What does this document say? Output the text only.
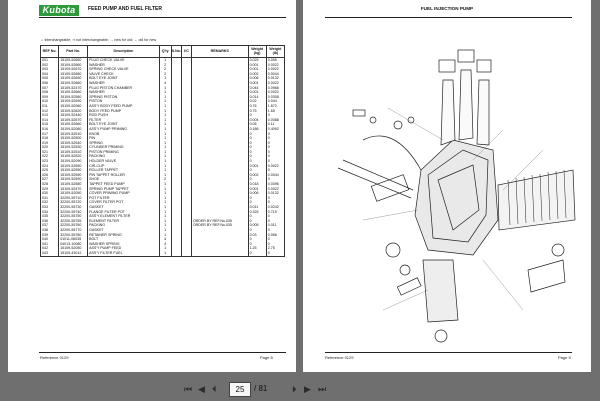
Kubota	FEED PUMP AND FUEL FILTER
⇔ interchangeable; ⇒ not interchangeable; → new for old; ← old for new
REF No.	Part No.	Description	Q'ty	S.No.	I/C	REMARKS	Weight (kg)	Weight (lb)
001	15109-52650	PLUG CHECK VALVE	1				0.025	0.055
002	15109-52660	WASHER	2				0.001	0.0022
003	15109-52670	SPRING CHECK VALVE	2				0.001	0.0022
004	15109-52680	VALVE CHECK	2				0.002	0.0044
005	15109-52690	BOLT EYE JOINT	1				0.006	0.0132
006	15109-52660	WASHER	4				0.001	0.0022
007	15109-52470	PLUG PISTON CHAMBER	1				0.044	0.0968
008	15109-52660	WASHER	1				0.001	0.0022
009	15109-52580	SPRING PISTON	1				0.014	0.0308
010	15109-52590	PISTON	1				0.02	0.044
011	15109-52060	ASS'Y BODY FEED PUMP	1				0.76	1.672
012	15109-52620	BODY FEED PUMP	1				0.75	1.65
013	15109-52440	ROD PUSH	1				0	0
014	15109-52670	FILTER	1				0.004	0.0088
015	15109-52660	BOLT EYE JOINT	1				0.05	0.11
016	15109-52080	ASS'Y PUMP PRIMING	1				0.186	0.4092
017	15109-52510	KNOB	1				0	0
018	15109-52500	PIN	1				0	0
019	15109-52540	SPRING	1				0	0
020	15109-52530	CYLINDER PRIMING	1				0	0
021	15109-52510	PISTON PRIMING	1				0	0
022	15109-52520	PACKING	1				0	0
023	15109-52090	HOLDER VALVE	1				0	0
024	15109-52550	CIR-CLIP	1				0.001	0.0022
025	15109-52550	ROLLER TAPPET	1				0	0
026	15109-52590	PIN TAPPET ROLLER	1				0.002	0.0044
027	15109-52590	SHOE	2				0	0
028	15109-52580	TAPPET FEED PUMP	1				0.018	0.0396
029	15109-52470	SPRING PUMP TAPPET	1				0.001	0.0022
030	15109-52050	COVER PRIMING PUMP	1				0.006	0.0132
031	32200-55710	POT FILTER	1				0	0
032	32200-55720	COVER FILTER POT	1				0	0
033	32200-55730	GASKET	1				0.011	0.0242
034	32200-55740	FLANGE FILTER POT	1				0.325	0.715
035	32200-55750	ASS'Y ELEMENT FILTER	1				0	0
036	32200-55755	ELEMENT FILTER	1			ORDER BY REF.No.035	0	0
037	32200-55760	PACKING	1			ORDER BY REF.No.035	0.005	0.011
038	32200-55770	GASKET	1				0	0
039	32200-55780	RETAINER SPRING	1				0.03	0.066
040	01011-06035	BOLT	4				0	0
041	04013-10080	WASHER SPRING	4				0	0
042	15109-52050	ASS'Y PUMP FEED	1				1.25	2.75
043	15109-43012	ASS'Y FILTER FUEL	1				0	0
Reference 0129	Page 8
FUEL INJECTION PUMP
Reference 0129	Page 9
⏮ ◀ ⏴	25	/ 81	⏵ ▶ ⏭
